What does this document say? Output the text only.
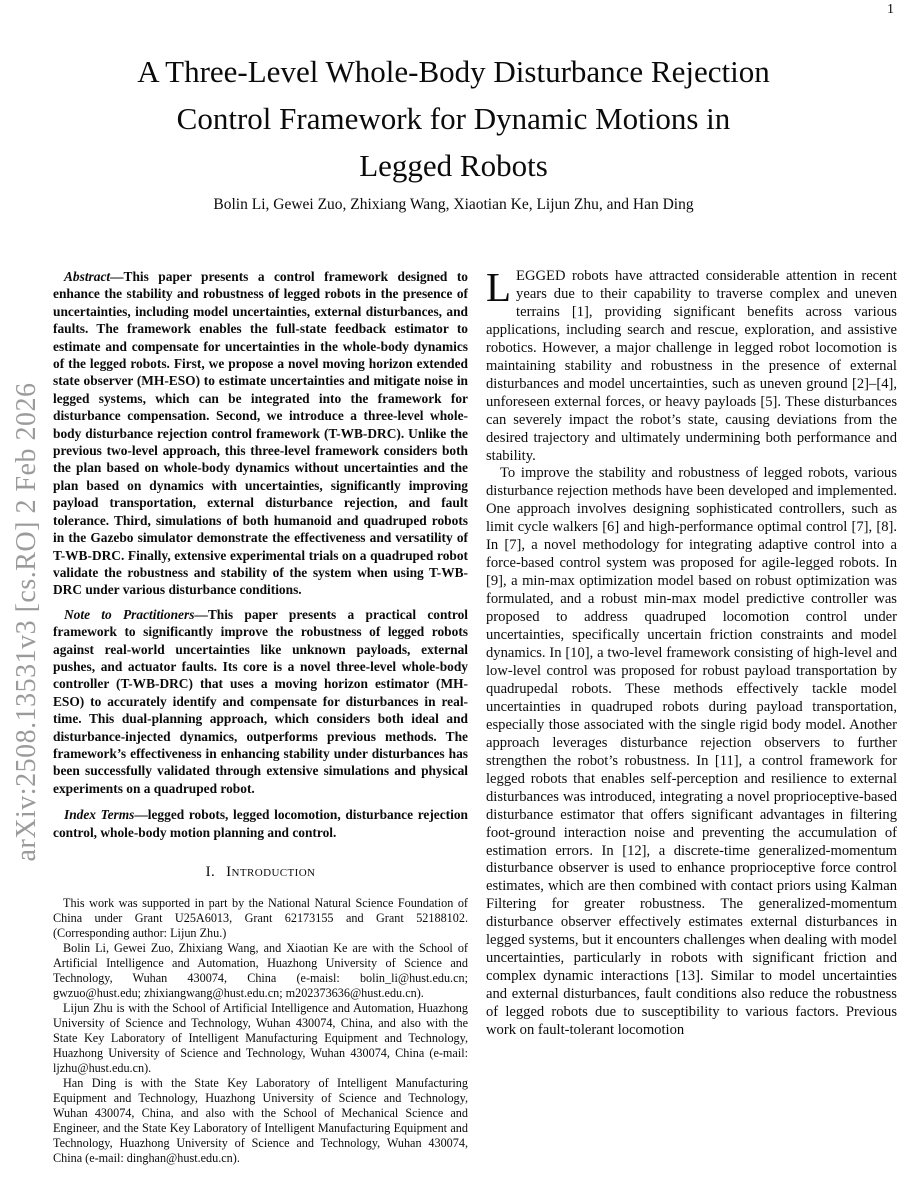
1
arXiv:2508.13531v3 [cs.RO] 2 Feb 2026
A Three-Level Whole-Body Disturbance Rejection
Control Framework for Dynamic Motions in
Legged Robots
Bolin Li, Gewei Zuo, Zhixiang Wang, Xiaotian Ke, Lijun Zhu, and Han Ding

Abstract—This paper presents a control framework designed to enhance the stability and robustness of legged robots in the presence of uncertainties, including model uncertainties, external disturbances, and faults. The framework enables the full-state feedback estimator to estimate and compensate for uncertainties in the whole-body dynamics of the legged robots. First, we propose a novel moving horizon extended state observer (MH-ESO) to estimate uncertainties and mitigate noise in legged systems, which can be integrated into the framework for disturbance compensation. Second, we introduce a three-level whole-body disturbance rejection control framework (T-WB-DRC). Unlike the previous two-level approach, this three-level framework considers both the plan based on whole-body dynamics without uncertainties and the plan based on dynamics with uncertainties, significantly improving payload transportation, external disturbance rejection, and fault tolerance. Third, simulations of both humanoid and quadruped robots in the Gazebo simulator demonstrate the effectiveness and versatility of T-WB-DRC. Finally, extensive experimental trials on a quadruped robot validate the robustness and stability of the system when using T-WB-DRC under various disturbance conditions.

Note to Practitioners—This paper presents a practical control framework to significantly improve the robustness of legged robots against real-world uncertainties like unknown payloads, external pushes, and actuator faults. Its core is a novel three-level whole-body controller (T-WB-DRC) that uses a moving horizon estimator (MH-ESO) to accurately identify and compensate for disturbances in real-time. This dual-planning approach, which considers both ideal and disturbance-injected dynamics, outperforms previous methods. The framework’s effectiveness in enhancing stability under disturbances has been successfully validated through extensive simulations and physical experiments on a quadruped robot.

Index Terms—legged robots, legged locomotion, disturbance rejection control, whole-body motion planning and control.

I. Introduction

This work was supported in part by the National Natural Science Foundation of China under Grant U25A6013, Grant 62173155 and Grant 52188102. (Corresponding author: Lijun Zhu.)

Bolin Li, Gewei Zuo, Zhixiang Wang, and Xiaotian Ke are with the School of Artificial Intelligence and Automation, Huazhong University of Science and Technology, Wuhan 430074, China (e-maisl: bolin_li@hust.edu.cn; gwzuo@hust.edu; zhixiangwang@hust.edu.cn; m202373636@hust.edu.cn).

Lijun Zhu is with the School of Artificial Intelligence and Automation, Huazhong University of Science and Technology, Wuhan 430074, China, and also with the State Key Laboratory of Intelligent Manufacturing Equipment and Technology, Huazhong University of Science and Technology, Wuhan 430074, China (e-mail: ljzhu@hust.edu.cn).

Han Ding is with the State Key Laboratory of Intelligent Manufacturing Equipment and Technology, Huazhong University of Science and Technology, Wuhan 430074, China, and also with the School of Mechanical Science and Engineer, and the State Key Laboratory of Intelligent Manufacturing Equipment and Technology, Huazhong University of Science and Technology, Wuhan 430074, China (e-mail: dinghan@hust.edu.cn).

LEGGED robots have attracted considerable attention in recent years due to their capability to traverse complex and uneven terrains [1], providing significant benefits across various applications, including search and rescue, exploration, and assistive robotics. However, a major challenge in legged robot locomotion is maintaining stability and robustness in the presence of external disturbances and model uncertainties, such as uneven ground [2]–[4], unforeseen external forces, or heavy payloads [5]. These disturbances can severely impact the robot’s state, causing deviations from the desired trajectory and ultimately undermining both performance and stability.

To improve the stability and robustness of legged robots, various disturbance rejection methods have been developed and implemented. One approach involves designing sophisticated controllers, such as limit cycle walkers [6] and high-performance optimal control [7], [8]. In [7], a novel methodology for integrating adaptive control into a force-based control system was proposed for agile-legged robots. In [9], a min-max optimization model based on robust optimization was formulated, and a robust min-max model predictive controller was proposed to address quadruped locomotion control under uncertainties, specifically uncertain friction constraints and model dynamics. In [10], a two-level framework consisting of high-level and low-level control was proposed for robust payload transportation by quadrupedal robots. These methods effectively tackle model uncertainties in quadruped robots during payload transportation, especially those associated with the single rigid body model. Another approach leverages disturbance rejection observers to further strengthen the robot’s robustness. In [11], a control framework for legged robots that enables self-perception and resilience to external disturbances was introduced, integrating a novel proprioceptive-based disturbance estimator that offers significant advantages in filtering foot-ground interaction noise and preventing the accumulation of estimation errors. In [12], a discrete-time generalized-momentum disturbance observer is used to enhance proprioceptive force control estimates, which are then combined with contact priors using Kalman Filtering for greater robustness. The generalized-momentum disturbance observer effectively estimates external disturbances in legged systems, but it encounters challenges when dealing with model uncertainties, particularly in robots with significant friction and complex dynamic interactions [13]. Similar to model uncertainties and external disturbances, fault conditions also reduce the robustness of legged robots due to susceptibility to various factors. Previous work on fault-tolerant locomotion
